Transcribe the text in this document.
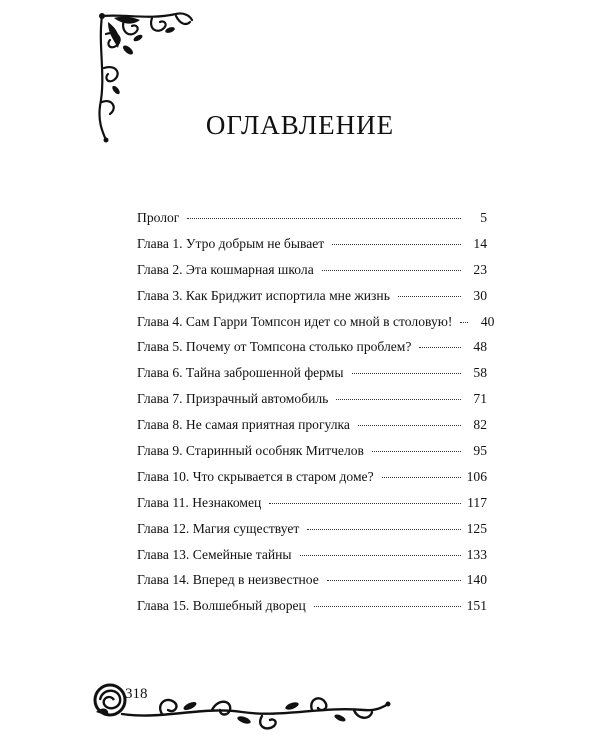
ОГЛАВЛЕНИЕ
Пролог	5
Глава 1. Утро добрым не бывает	14
Глава 2. Эта кошмарная школа	23
Глава 3. Как Бриджит испортила мне жизнь	30
Глава 4. Сам Гарри Томпсон идет со мной в столовую!	40
Глава 5. Почему от Томпсона столько проблем?	48
Глава 6. Тайна заброшенной фермы	58
Глава 7. Призрачный автомобиль	71
Глава 8. Не самая приятная прогулка	82
Глава 9. Старинный особняк Митчелов	95
Глава 10. Что скрывается в старом доме?	106
Глава 11. Незнакомец	117
Глава 12. Магия существует	125
Глава 13. Семейные тайны	133
Глава 14. Вперед в неизвестное	140
Глава 15. Волшебный дворец	151
318
